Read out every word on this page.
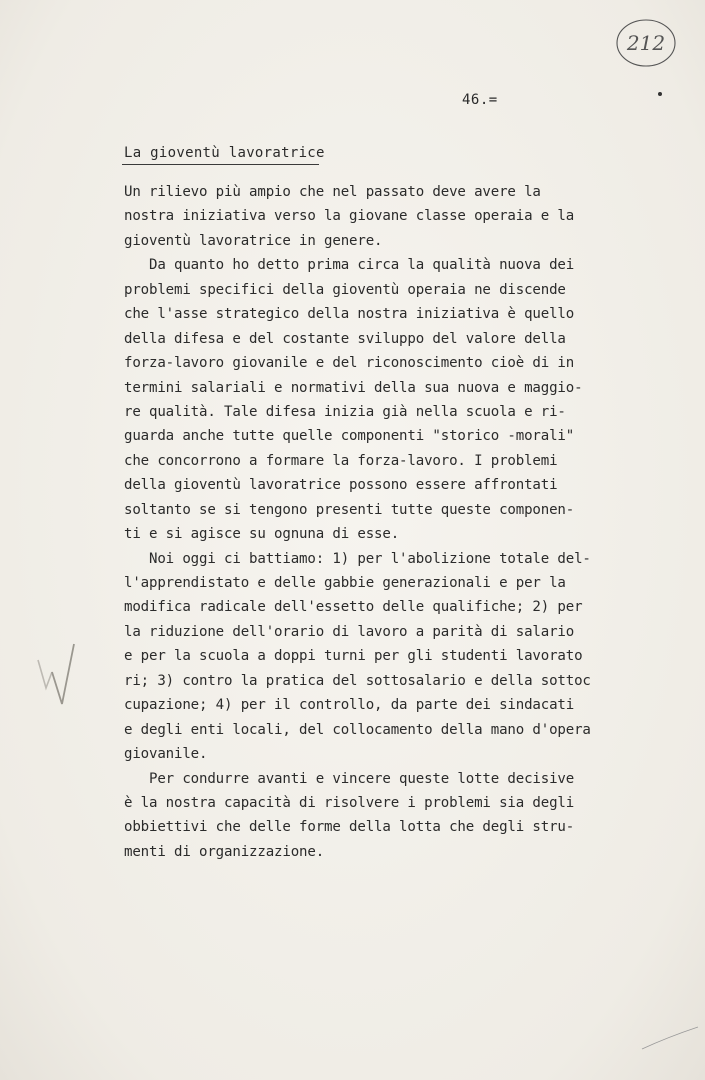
212
46.=
La gioventù lavoratrice
Un rilievo più ampio che nel passato deve avere la
nostra iniziativa verso la giovane classe operaia e la
gioventù lavoratrice in genere.
Da quanto ho detto prima circa la qualità nuova dei
problemi specifici della gioventù operaia ne discende
che l'asse strategico della nostra iniziativa è quello
della difesa e del costante sviluppo del valore della
forza-lavoro giovanile e del riconoscimento cioè di in
termini salariali e normativi della sua nuova e maggio-
re qualità. Tale difesa inizia già nella scuola e ri-
guarda anche tutte quelle componenti "storico -morali"
che concorrono a formare la forza-lavoro. I problemi
della gioventù lavoratrice possono essere affrontati
soltanto se si tengono presenti tutte queste componen-
ti e si agisce su ognuna di esse.
Noi oggi ci battiamo: 1) per l'abolizione totale del-
l'apprendistato e delle gabbie generazionali e per la
modifica radicale dell'essetto delle qualifiche; 2) per
la riduzione dell'orario di lavoro a parità di salario
e per la scuola a doppi turni per gli studenti lavorato
ri; 3) contro la pratica del sottosalario e della sottoc
cupazione; 4) per il controllo, da parte dei sindacati
e degli enti locali, del collocamento della mano d'opera
giovanile.
Per condurre avanti e vincere queste lotte decisive
è la nostra capacità di risolvere i problemi sia degli
obbiettivi che delle forme della lotta che degli stru-
menti di organizzazione.
